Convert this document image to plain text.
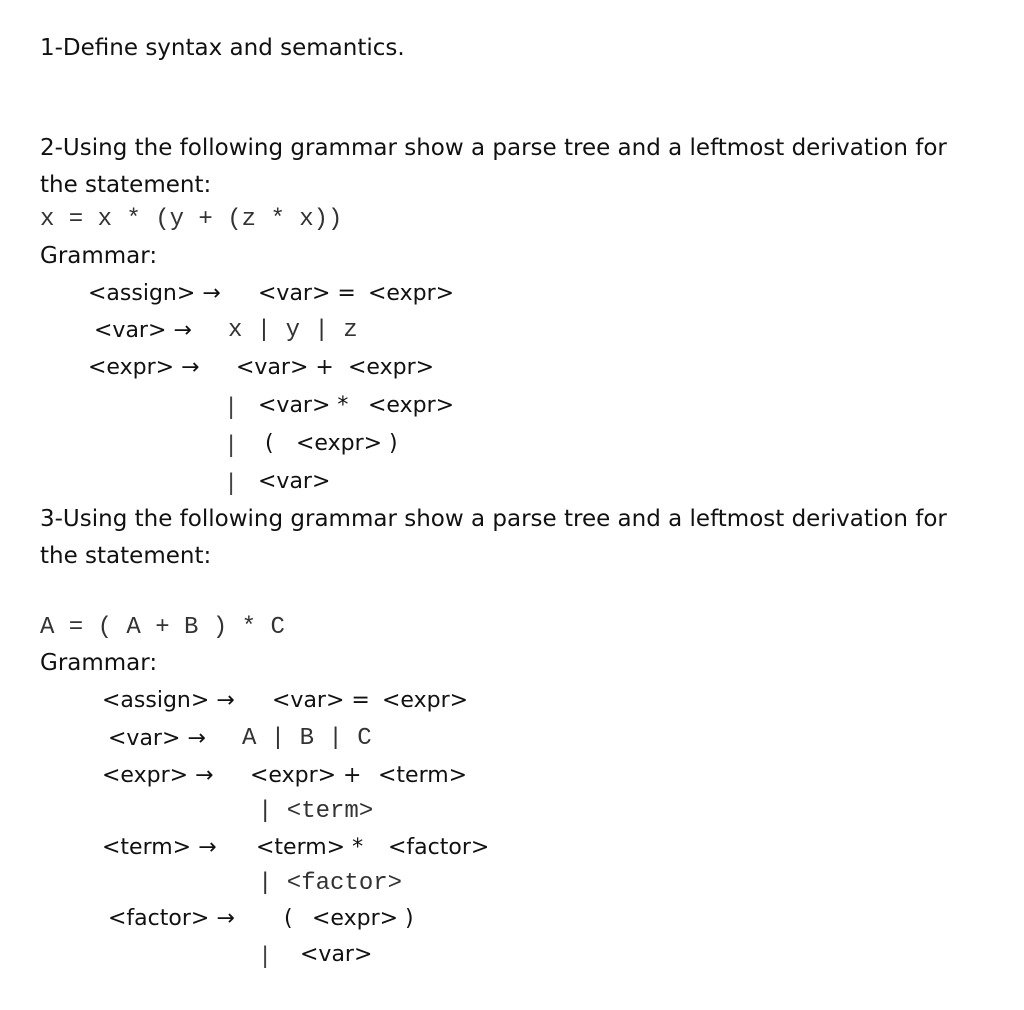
1-Define syntax and semantics.
2-Using the following grammar show a parse tree and a leftmost derivation for
the statement:
x = x * (y + (z * x))
Grammar:
<assign> → <var> = <expr>
<var> → x | y | z
<expr> → <var> + <expr>
| <var> * <expr>
| ( <expr> )
| <var>
3-Using the following grammar show a parse tree and a leftmost derivation for
the statement:
A = ( A + B ) * C
Grammar:
<assign> → <var> = <expr>
<var> → A | B | C
<expr> → <expr> + <term>
| <term>
<term> → <term> * <factor>
| <factor>
<factor> → ( <expr> )
| <var>
